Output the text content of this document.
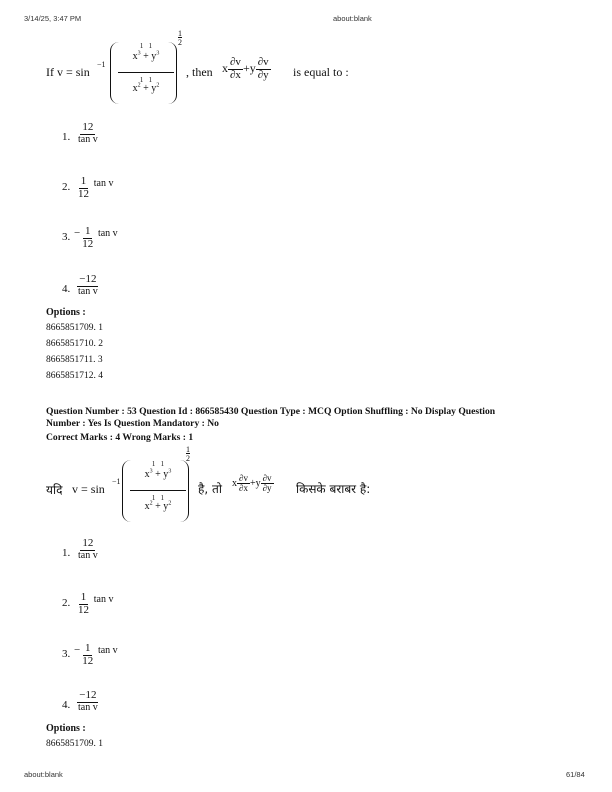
3/14/25, 3:47 PM	about:blank
If v = sin
−1
$^{1 1}$
$x^3 + y^3$
1   1
$x^2 + y^2$
1
2
, then x $\frac{\partial v}{\partial x} +y \frac{\partial v}{\partial y}$ is equal to :
1. $\frac{12}{\text{tan v}}$
2. $\frac{1}{12}$ tan v
3. − $\frac{1}{12}$ tan v
4. $\frac{-12}{\text{tan v}}$
Options :
8665851709. 1
8665851710. 2
8665851711. 3
8665851712. 4
Question Number : 53 Question Id : 866585430 Question Type : MCQ Option Shuffling : No Display Question
Number : Yes Is Question Mandatory : No
Correct Marks : 4 Wrong Marks : 1
यदि v = sin
−1
$^{1 1}$
$x^3 + y^3$
1   1
$x^2 + y^2$
1
2
है, तो x $\frac{\partial v}{\partial x} +y \frac{\partial v}{\partial y}$ किसके बराबर है:
1. $\frac{12}{\text{tan v}}$
2. $\frac{1}{12}$ tan v
3. − $\frac{1}{12}$ tan v
4. $\frac{-12}{\text{tan v}}$
Options :
8665851709. 1
about:blank	61/84
